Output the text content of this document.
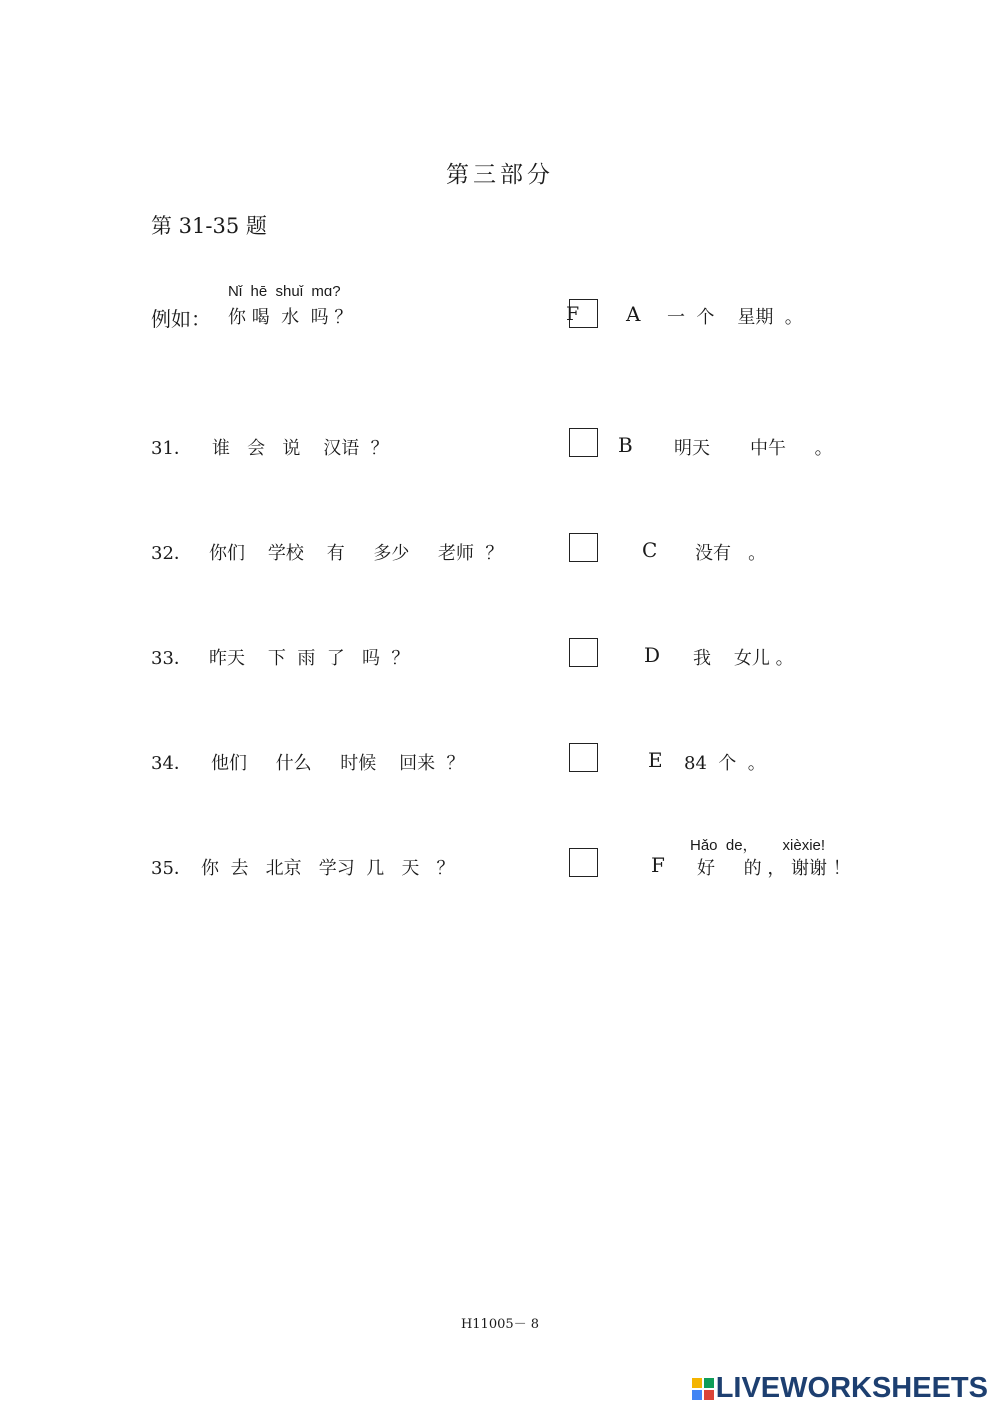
第三部分
第 31-35 题
Nǐ  hē  shuǐ  mɑ?
例如： 你 喝  水  吗 ？	F
31． 谁   会   说    汉语  ？
32． 你们    学校    有     多少     老师  ？
33． 昨天    下  雨  了   吗  ？
34． 他们     什么     时候    回来  ？
35． 你  去   北京   学习  几   天   ？
A 一  个    星期  。
B 明天       中午     。
C 没有   。
D 我    女儿 。
E 84  个  。
Hǎo  de，      xièxie!
F 好     的 ， 谢谢 ！
H11005－ 8
LIVEWORKSHEETS
